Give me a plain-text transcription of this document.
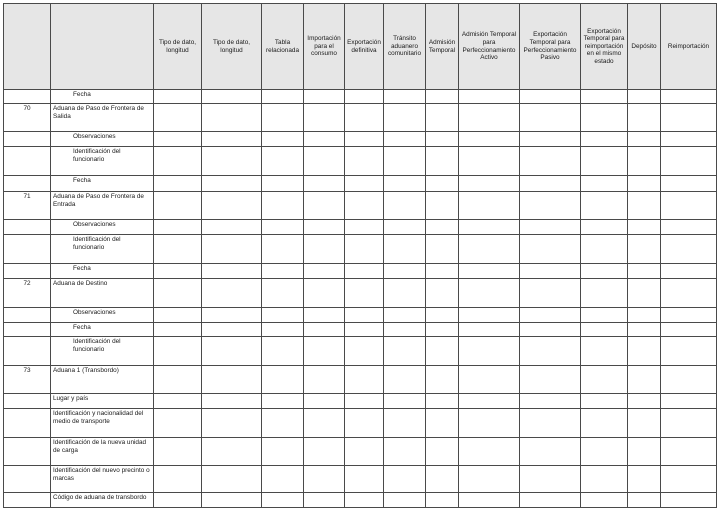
		Tipo de dato, longitud	Tipo de dato, longitud	Tabla relacionada	Importación para el consumo	Exportación definitiva	Tránsito aduanero comunitario	Admisión Temporal	Admisión Temporal para Perfeccionamiento Activo	Exportación Temporal para Perfeccionamiento Pasivo	Exportación Temporal para reimportación en el mismo estado	Depósito	Reimportación
	Fecha												
70	Aduana de Paso de Frontera de Salida												
	Observaciones												
	Identificación del funcionario												
	Fecha												
71	Aduana de Paso de Frontera de Entrada												
	Observaciones												
	Identificación del funcionario												
	Fecha												
72	Aduana de Destino												
	Observaciones												
	Fecha												
	Identificación del funcionario												
73	Aduana 1 (Transbordo)												
	Lugar y país												
	Identificación y nacionalidad del medio de transporte												
	Identificación de la nueva unidad de carga												
	Identificación del nuevo precinto o marcas												
	Código de aduana de transbordo												
